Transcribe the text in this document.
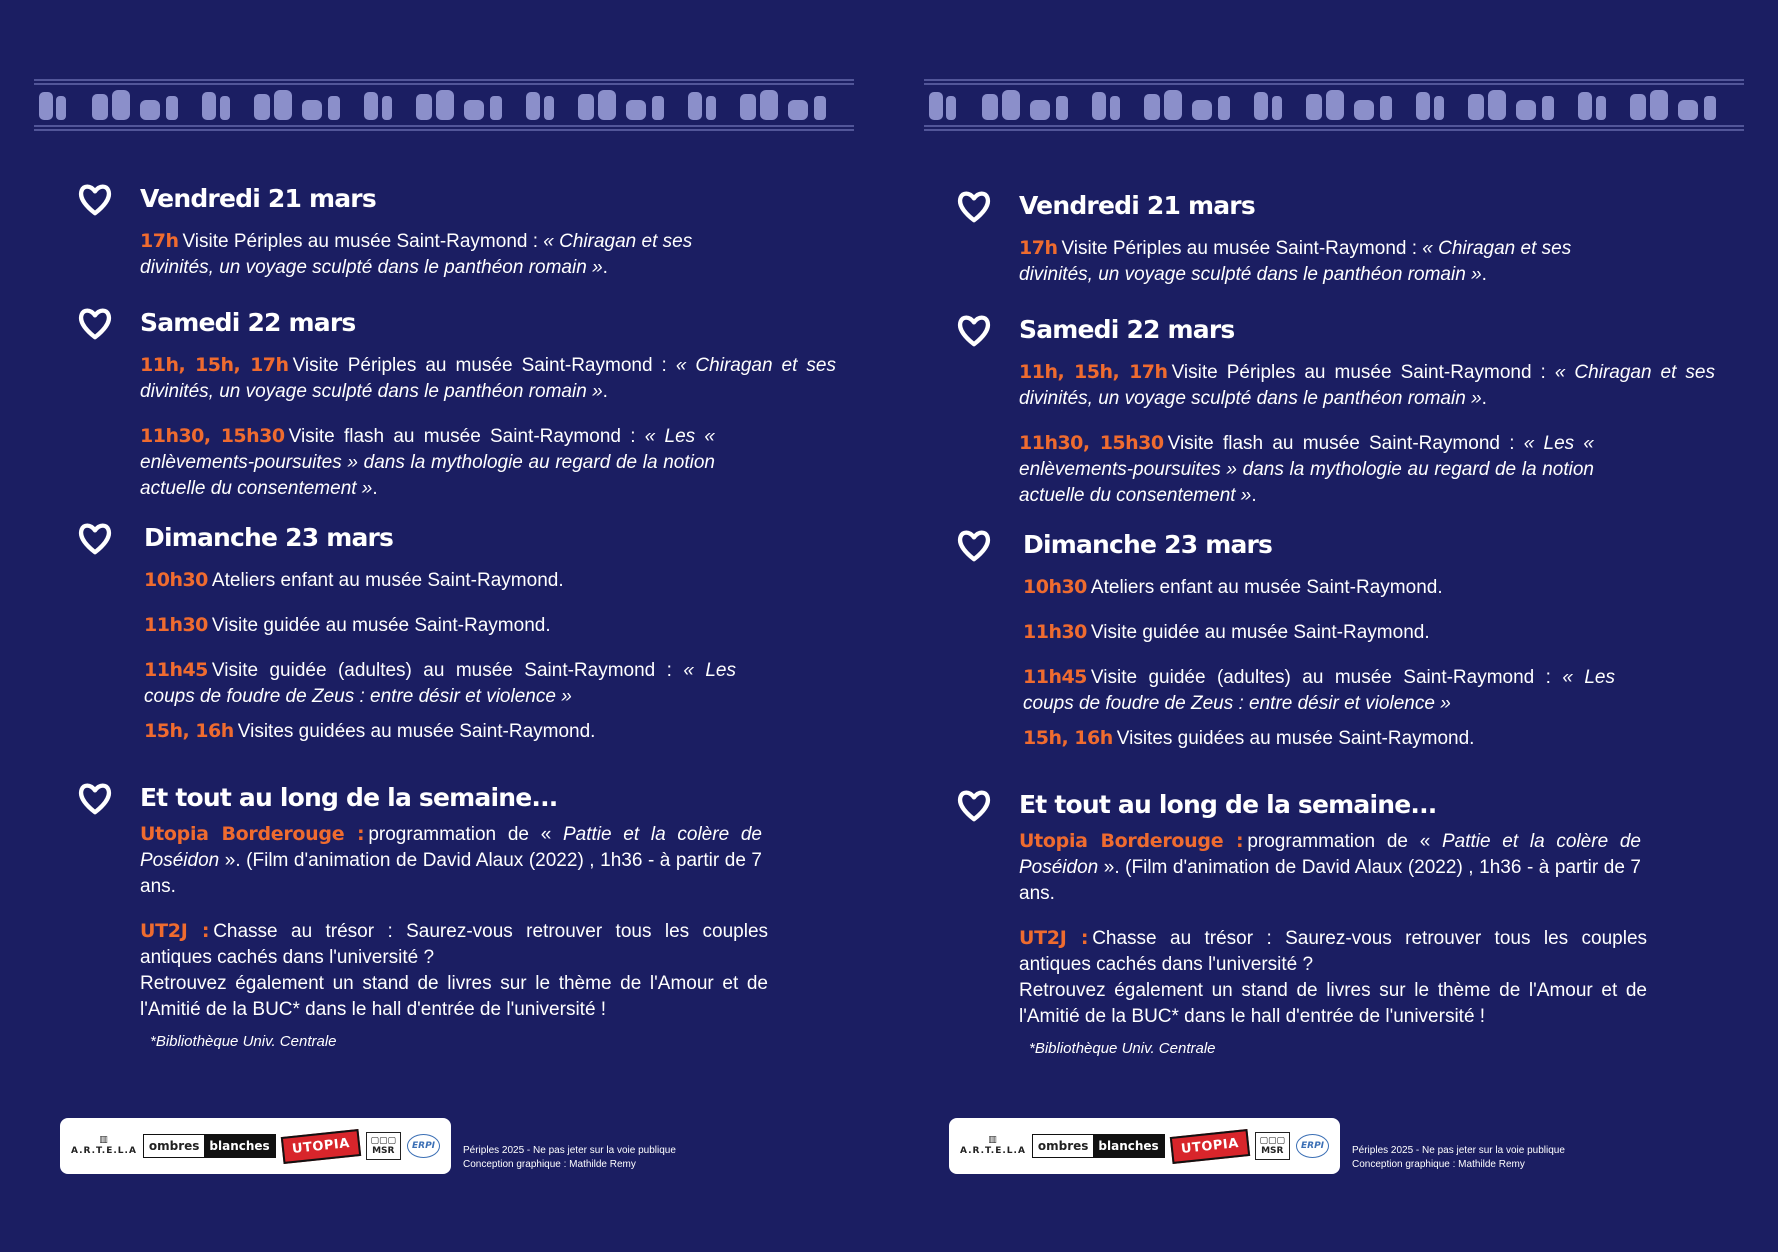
Vendredi 21 mars
17h Visite Périples au musée Saint-Raymond : « Chiragan et ses divinités, un voyage sculpté dans le panthéon romain ».
Samedi 22 mars
11h, 15h, 17h Visite Périples au musée Saint-Raymond : « Chiragan et ses divinités, un voyage sculpté dans le panthéon romain ».
11h30, 15h30 Visite flash au musée Saint-Raymond : « Les « enlèvements-poursuites » dans la mythologie au regard de la notion actuelle du consentement ».
Dimanche 23 mars
10h30 Ateliers enfant au musée Saint-Raymond.
11h30 Visite guidée au musée Saint-Raymond.
11h45 Visite guidée (adultes) au musée Saint-Raymond : « Les coups de foudre de Zeus : entre désir et violence »
15h, 16h Visites guidées au musée Saint-Raymond.
Et tout au long de la semaine...
Utopia Borderouge : programmation de « Pattie et la colère de Poséidon ». (Film d'animation de David Alaux (2022) , 1h36 - à partir de 7 ans.
UT2J : Chasse au trésor : Saurez-vous retrouver tous les couples antiques cachés dans l'université ?
Retrouvez également un stand de livres sur le thème de l'Amour et de l'Amitié de la BUC* dans le hall d'entrée de l'université !
*Bibliothèque Univ. Centrale
▥
A.R.T.E.L.A ombres blanches	UTOPIA	▢▢▢
MSR	ERPI	Périples 2025 - Ne pas jeter sur la voie publique
Conception graphique : Mathilde Remy
Vendredi 21 mars
17h Visite Périples au musée Saint-Raymond : « Chiragan et ses divinités, un voyage sculpté dans le panthéon romain ».
Samedi 22 mars
11h, 15h, 17h Visite Périples au musée Saint-Raymond : « Chiragan et ses divinités, un voyage sculpté dans le panthéon romain ».
11h30, 15h30 Visite flash au musée Saint-Raymond : « Les « enlèvements-poursuites » dans la mythologie au regard de la notion actuelle du consentement ».
Dimanche 23 mars
10h30 Ateliers enfant au musée Saint-Raymond.
11h30 Visite guidée au musée Saint-Raymond.
11h45 Visite guidée (adultes) au musée Saint-Raymond : « Les coups de foudre de Zeus : entre désir et violence »
15h, 16h Visites guidées au musée Saint-Raymond.
Et tout au long de la semaine...
Utopia Borderouge : programmation de « Pattie et la colère de Poséidon ». (Film d'animation de David Alaux (2022) , 1h36 - à partir de 7 ans.
UT2J : Chasse au trésor : Saurez-vous retrouver tous les couples antiques cachés dans l'université ?
Retrouvez également un stand de livres sur le thème de l'Amour et de l'Amitié de la BUC* dans le hall d'entrée de l'université !
*Bibliothèque Univ. Centrale
▥
A.R.T.E.L.A ombres blanches	UTOPIA	▢▢▢
MSR	ERPI	Périples 2025 - Ne pas jeter sur la voie publique
Conception graphique : Mathilde Remy
